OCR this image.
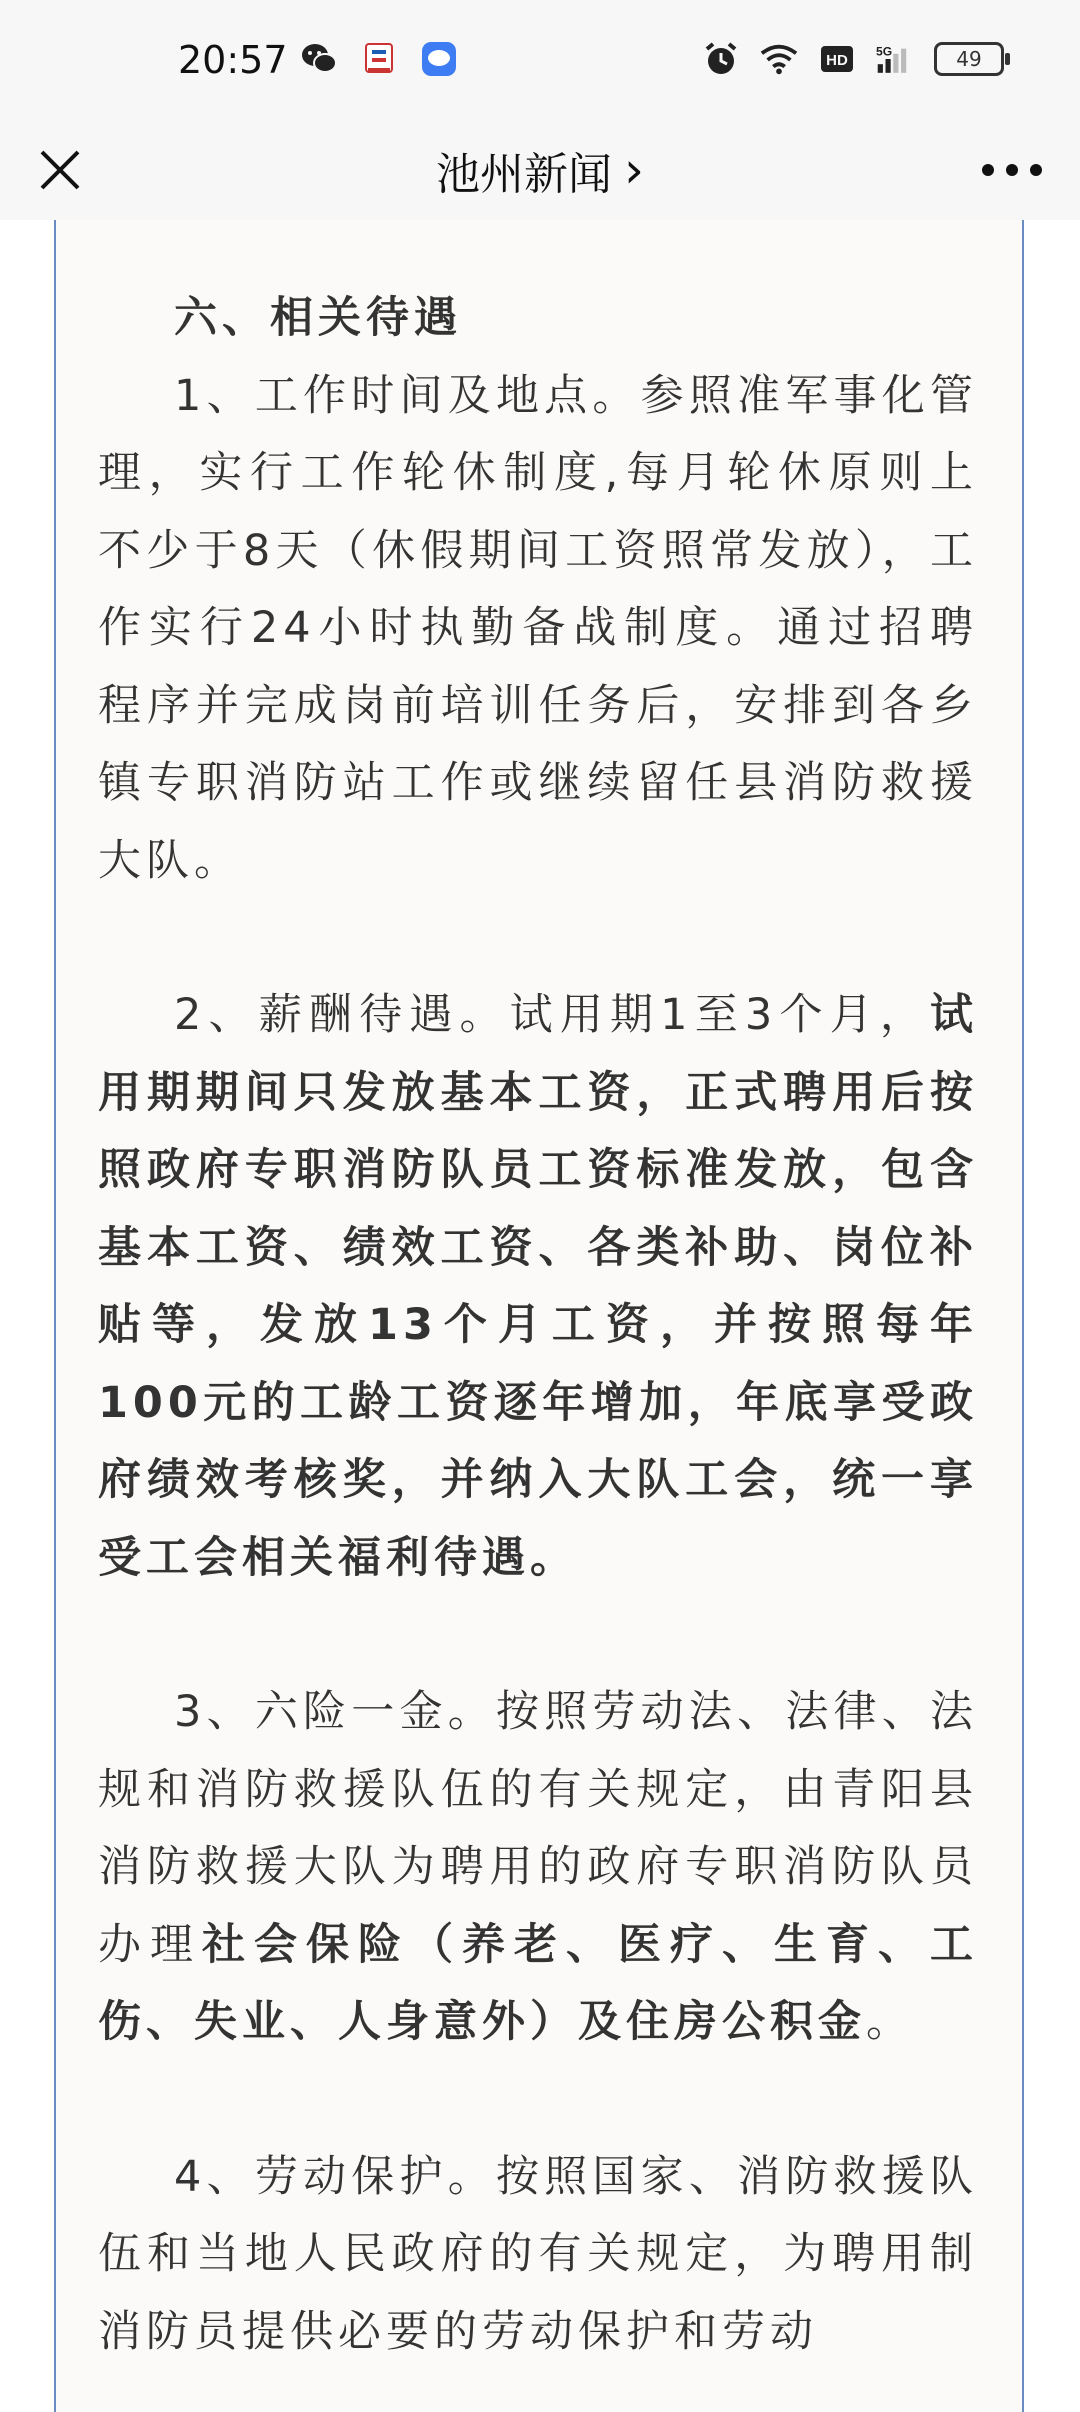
20:57	HD
5G	49
池州新闻 ›

六、相关待遇

1、工作时间及地点。参照准军事化管理，实行工作轮休制度,每月轮休原则上不少于8天（休假期间工资照常发放），工作实行24小时执勤备战制度。通过招聘程序并完成岗前培训任务后，安排到各乡镇专职消防站工作或继续留任县消防救援大队。

2、薪酬待遇。试用期1至3个月，试用期期间只发放基本工资，正式聘用后按照政府专职消防队员工资标准发放，包含基本工资、绩效工资、各类补助、岗位补贴等，发放13个月工资，并按照每年100元的工龄工资逐年增加，年底享受政府绩效考核奖，并纳入大队工会，统一享受工会相关福利待遇。

3、六险一金。按照劳动法、法律、法规和消防救援队伍的有关规定，由青阳县消防救援大队为聘用的政府专职消防队员办理社会保险（养老、医疗、生育、工伤、失业、人身意外）及住房公积金。

4、劳动保护。按照国家、消防救援队伍和当地人民政府的有关规定，为聘用制消防员提供必要的劳动保护和劳动
